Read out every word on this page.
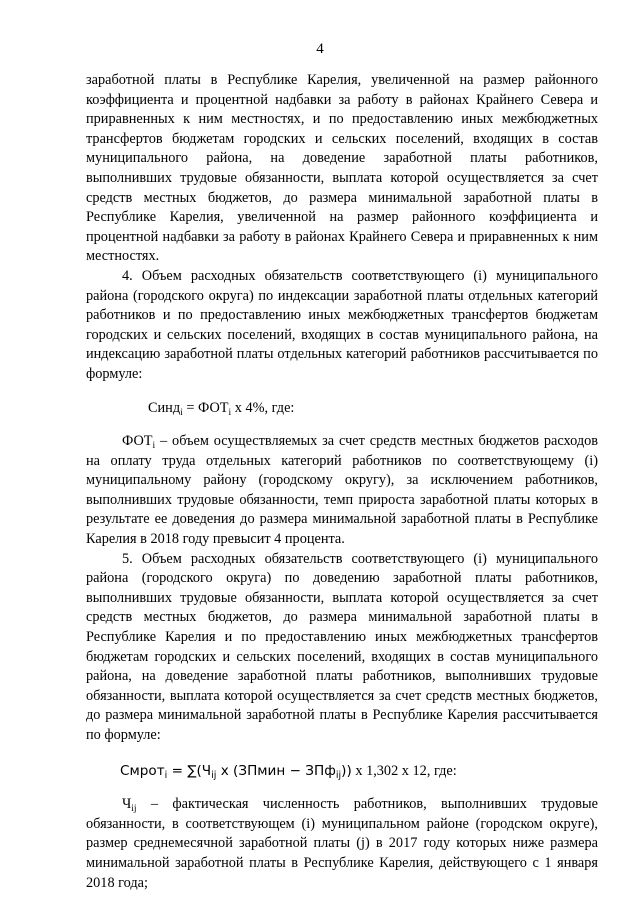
4

заработной платы в Республике Карелия, увеличенной на размер районного коэффициента и процентной надбавки за работу в районах Крайнего Севера и приравненных к ним местностях, и по предоставлению иных межбюджетных трансфертов бюджетам городских и сельских поселений, входящих в состав муниципального района, на доведение заработной платы работников, выполнивших трудовые обязанности, выплата которой осуществляется за счет средств местных бюджетов, до размера минимальной заработной платы в Республике Карелия, увеличенной на размер районного коэффициента и процентной надбавки за работу в районах Крайнего Севера и приравненных к ним местностях.

4. Объем расходных обязательств соответствующего (i) муниципального района (городского округа) по индексации заработной платы отдельных категорий работников и по предоставлению иных межбюджетных трансфертов бюджетам городских и сельских поселений, входящих в состав муниципального района, на индексацию заработной платы отдельных категорий работников рассчитывается по формуле:

Синд$_i$ = $ФОТ_i$ х 4%, где:

$ФОТ_i$ – объем осуществляемых за счет средств местных бюджетов расходов на оплату труда отдельных категорий работников по соответствующему (i) муниципальному району (городскому округу), за исключением работников, выполнивших трудовые обязанности, темп прироста заработной платы которых в результате ее доведения до размера минимальной заработной платы в Республике Карелия в 2018 году превысит 4 процента.

5. Объем расходных обязательств соответствующего (i) муниципального района (городского округа) по доведению заработной платы работников, выполнивших трудовые обязанности, выплата которой осуществляется за счет средств местных бюджетов, до размера минимальной заработной платы в Республике Карелия и по предоставлению иных межбюджетных трансфертов бюджетам городских и сельских поселений, входящих в состав муниципального района, на доведение заработной платы работников, выполнивших трудовые обязанности, выплата которой осуществляется за счет средств местных бюджетов, до размера минимальной заработной платы в Республике Карелия рассчитывается по формуле:

Смрот$_i$ = $\sum(Ч_{ij}$ х (ЗПмин − ЗПф$_{ij}$)) х 1,302 х 12, где:

$Ч_{ij}$ – фактическая численность работников, выполнивших трудовые обязанности, в соответствующем (i) муниципальном районе (городском округе), размер среднемесячной заработной платы (j) в 2017 году которых ниже размера минимальной заработной платы в Республике Карелия, действующего с 1 января 2018 года;
